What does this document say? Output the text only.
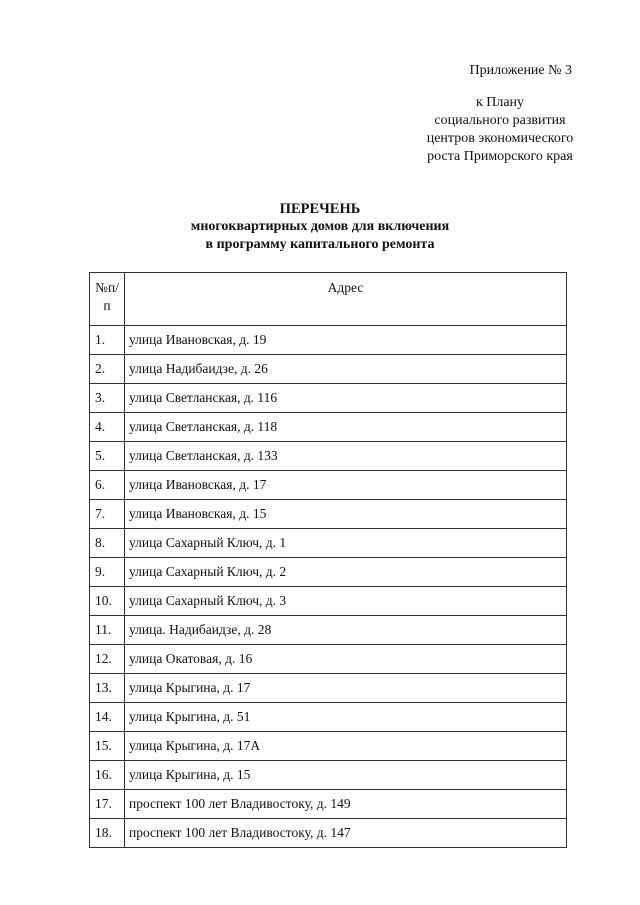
Приложение № 3
к Плану
социального развития
центров экономического
роста Приморского края
ПЕРЕЧЕНЬ
многоквартирных домов для включения
в программу капитального ремонта
№п/
п	Адрес
1.	улица Ивановская, д. 19
2.	улица Надибаидзе, д. 26
3.	улица Светланская, д. 116
4.	улица Светланская, д. 118
5.	улица Светланская, д. 133
6.	улица Ивановская, д. 17
7.	улица Ивановская, д. 15
8.	улица Сахарный Ключ, д. 1
9.	улица Сахарный Ключ, д. 2
10.	улица Сахарный Ключ, д. 3
11.	улица. Надибаидзе, д. 28
12.	улица Окатовая, д. 16
13.	улица Крыгина, д. 17
14.	улица Крыгина, д. 51
15.	улица Крыгина, д. 17А
16.	улица Крыгина, д. 15
17.	проспект 100 лет Владивостоку, д. 149
18.	проспект 100 лет Владивостоку, д. 147
